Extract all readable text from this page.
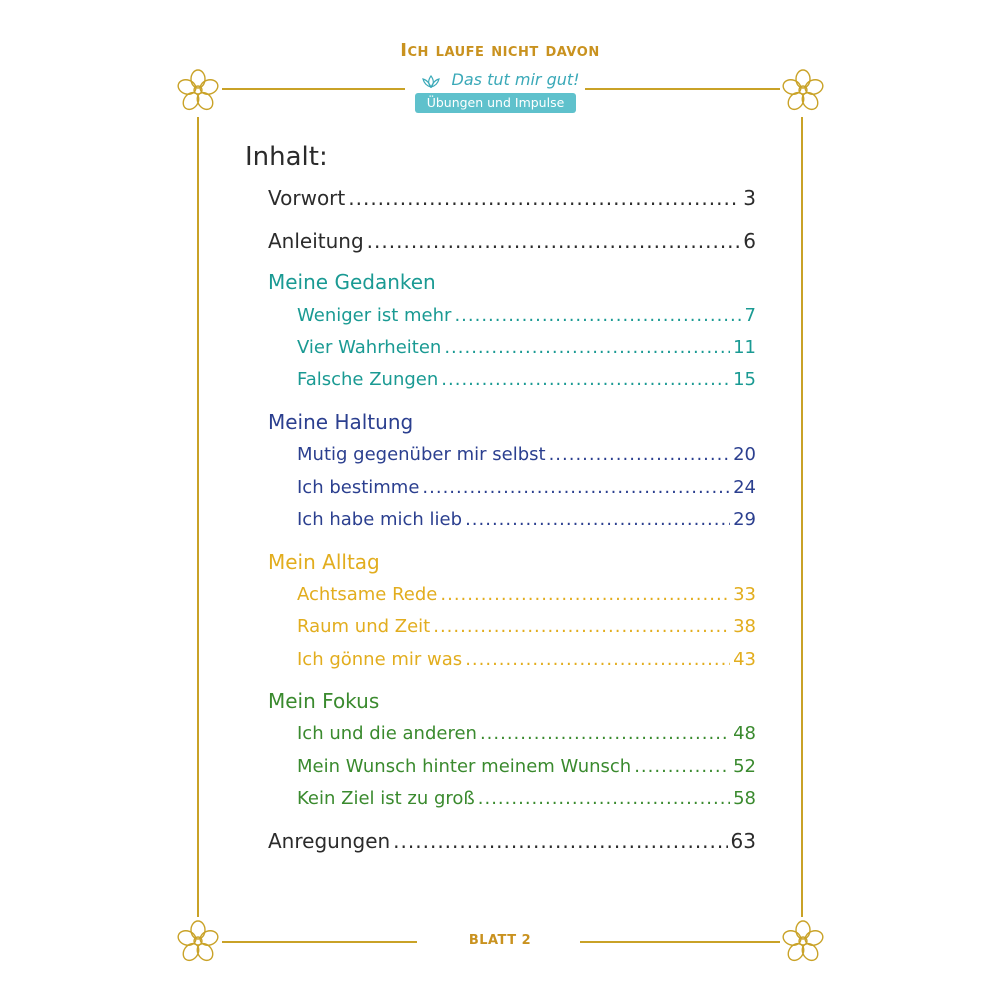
Ich laufe nicht davon
Das tut mir gut!
Übungen und Impulse
Inhalt:
Vorwort .....	3
Anleitung .....	6
Meine Gedanken
Weniger ist mehr .....	7
Vier Wahrheiten .....	11
Falsche Zungen .....	15
Meine Haltung
Mutig gegenüber mir selbst .....	20
Ich bestimme .....	24
Ich habe mich lieb .....	29
Mein Alltag
Achtsame Rede .....	33
Raum und Zeit .....	38
Ich gönne mir was .....	43
Mein Fokus
Ich und die anderen .....	48
Mein Wunsch hinter meinem Wunsch .....	52
Kein Ziel ist zu groß .....	58
Anregungen .....	63
BLATT 2
